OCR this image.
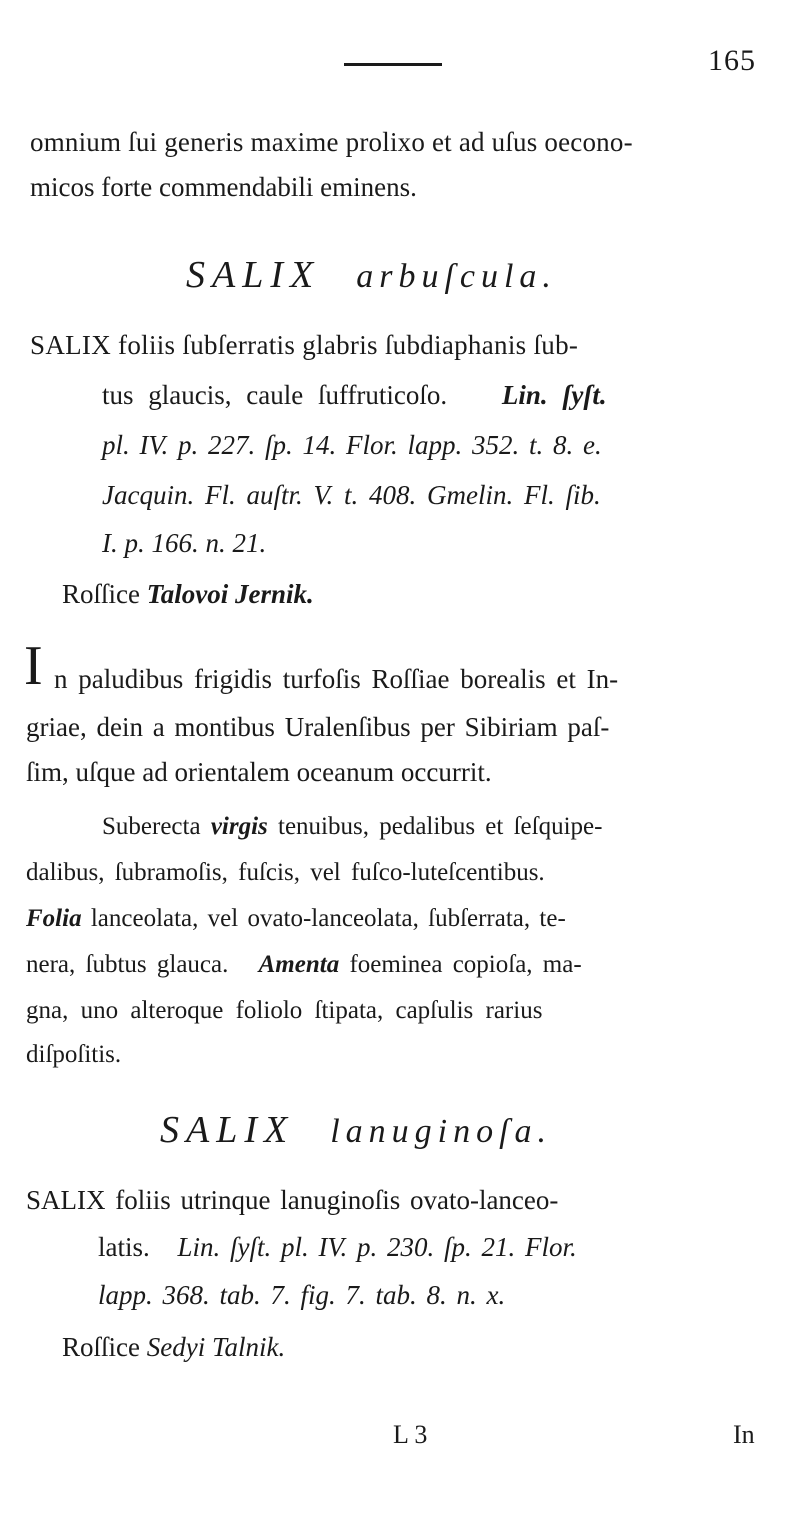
165
omnium ſui generis maxime prolixo et ad uſus oecono-
micos forte commendabili eminens.
SALIX arbuſcula.
SALIX foliis ſubſerratis glabris ſubdiaphanis ſub-
tus glaucis, caule ſuffruticoſo. Lin. ſyſt.
pl. IV. p. 227. ſp. 14. Flor. lapp. 352. t. 8. e.
Jacquin. Fl. auſtr. V. t. 408. Gmelin. Fl. ſib.
I. p. 166. n. 21.
Roſſice Talovoi Jernik.
I n paludibus frigidis turfoſis Roſſiae borealis et In-
griae, dein a montibus Uralenſibus per Sibiriam paſ-
ſim, uſque ad orientalem oceanum occurrit.
Suberecta virgis tenuibus, pedalibus et ſeſquipe-
dalibus, ſubramoſis, fuſcis, vel fuſco-luteſcentibus.
Folia lanceolata, vel ovato-lanceolata, ſubſerrata, te-
nera, ſubtus glauca. Amenta foeminea copioſa, ma-
gna, uno alteroque foliolo ſtipata, capſulis rarius
diſpoſitis.
SALIX lanuginoſa.
SALIX foliis utrinque lanuginoſis ovato-lanceo-
latis. Lin. ſyſt. pl. IV. p. 230. ſp. 21. Flor.
lapp. 368. tab. 7. fig. 7. tab. 8. n. x.
Roſſice Sedyi Talnik.
L 3	In
